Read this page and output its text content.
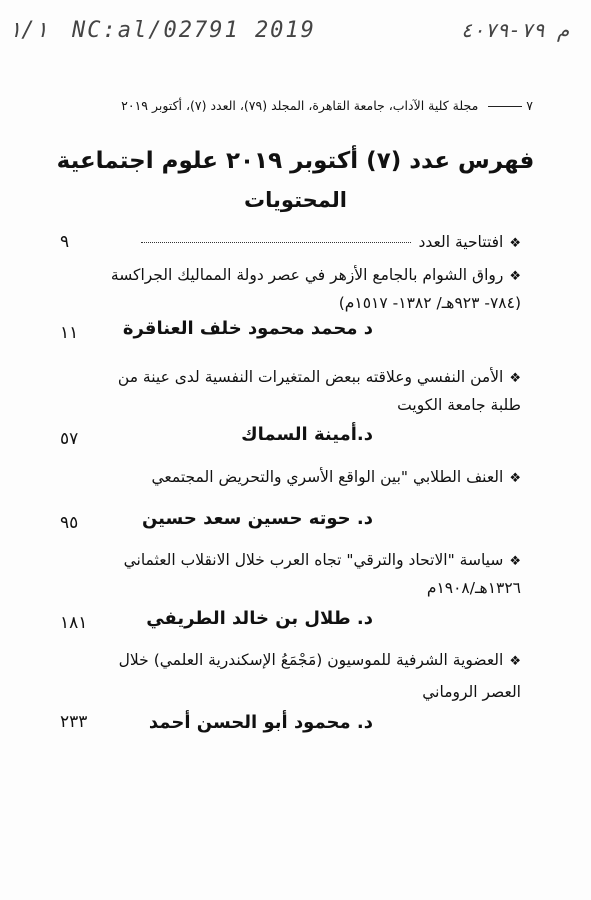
١/١ NC:al/02791 2019	م ٧٩-٤٠٧٩
٧ مجلة كلية الآداب، جامعة القاهرة، المجلد (٧٩)، العدد (٧)، أكتوبر ٢٠١٩
فهرس عدد (٧) أكتوبر ٢٠١٩ علوم اجتماعية
المحتويات
❖افتتاحية العدد
٩
❖رواق الشوام بالجامع الأزهر في عصر دولة المماليك الجراكسة
(٧٨٤- ٩٢٣هـ/ ١٣٨٢- ١٥١٧م)
د محمد محمود خلف العناقرة
١١
❖الأمن النفسي وعلاقته ببعض المتغيرات النفسية لدى عينة من
طلبة جامعة الكويت
د.أمينة السماك
٥٧
❖العنف الطلابي "بين الواقع الأسري والتحريض المجتمعي
د. حوته حسين سعد حسين
٩٥
❖سياسة "الاتحاد والترقي" تجاه العرب خلال الانقلاب العثماني
١٣٢٦هـ/١٩٠٨م
د. طلال بن خالد الطريفي
١٨١
❖العضوية الشرفية للموسيون (مَجْمَعُ الإسكندرية العلمي) خلال
العصر الروماني
د. محمود أبو الحسن أحمد
٢٣٣
